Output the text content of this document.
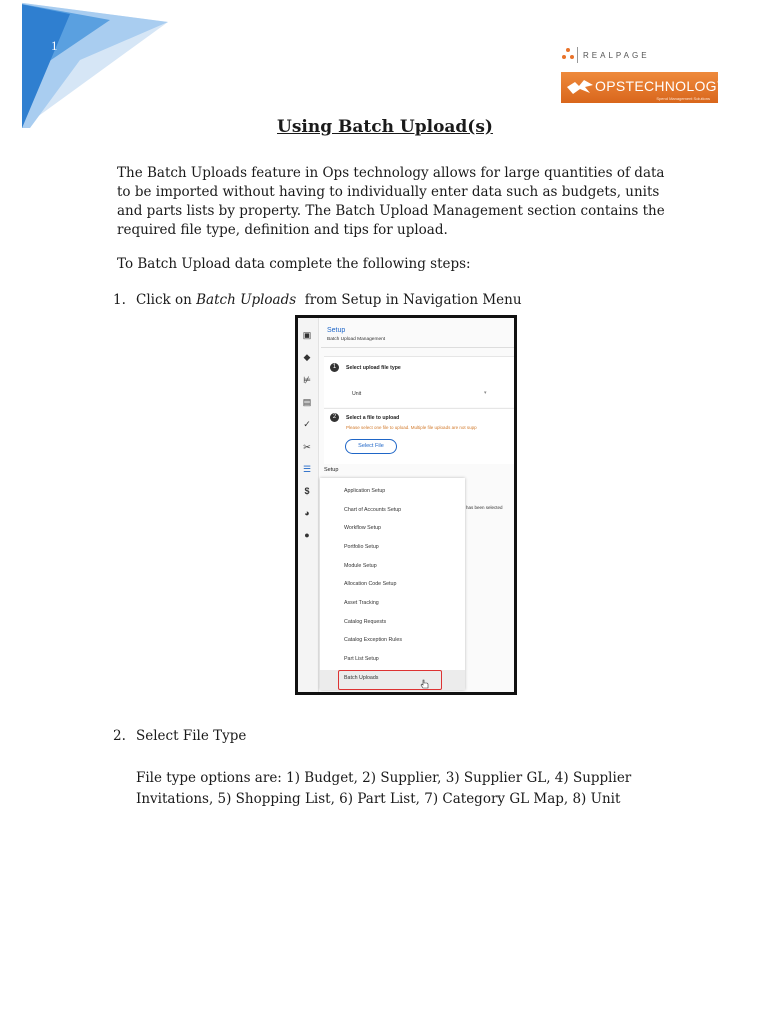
1
REALPAGE
OPSTECHNOLOGY
Spend Management Solutions
Using Batch Upload(s)

The Batch Uploads feature in Ops technology allows for large quantities of data to be imported without having to individually enter data such as budgets, units and parts lists by property. The Batch Upload Management section contains the required file type, definition and tips for upload.

To Batch Upload data complete the following steps:

1. Click on Batch Uploads  from Setup in Navigation Menu
▣
◆
⊭
▤
✓
✂
☰
$
◕
●
Setup
Batch Upload Management
1	Select upload file type
Unit	▾
2	Select a file to upload
Please select one file to upload. Multiple file uploads are not supp
Select File
Setup
has been selected
Application Setup
Chart of Accounts Setup
Workflow Setup
Portfolio Setup
Module Setup
Allocation Code Setup
Asset Tracking
Catalog Requests
Catalog Exception Rules
Part List Setup
Batch Uploads
2. Select File Type

File type options are: 1) Budget, 2) Supplier, 3) Supplier GL, 4) Supplier Invitations, 5) Shopping List, 6) Part List, 7) Category GL Map, 8) Unit
